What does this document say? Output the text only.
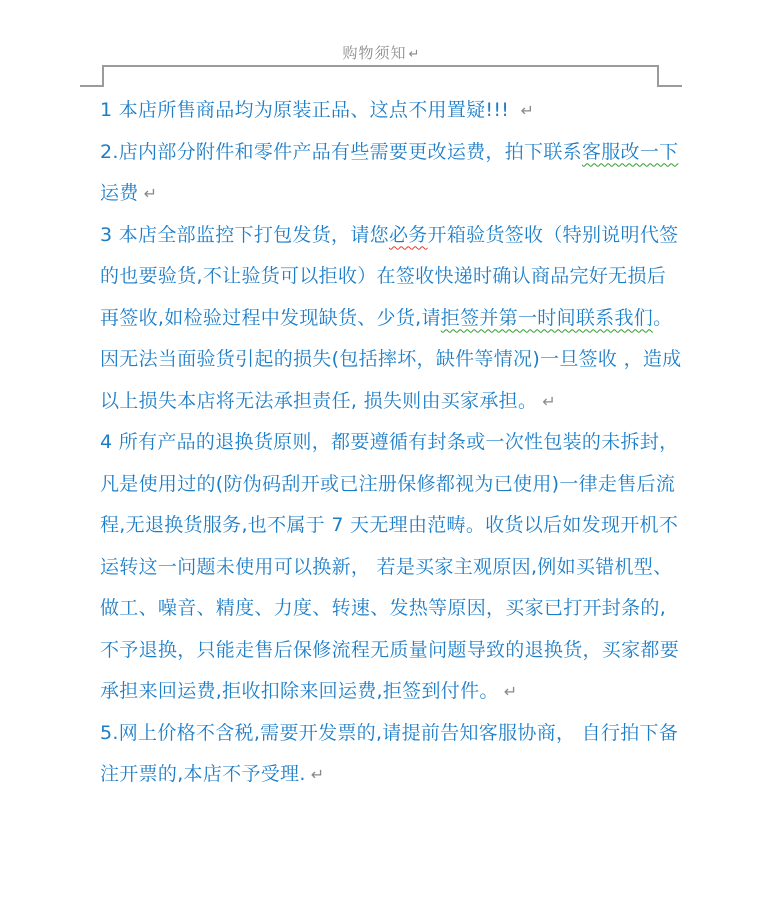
购物须知 ↵
1 本店所售商品均为原装正品、这点不用置疑!!! ↵
2.店内部分附件和零件产品有些需要更改运费，拍下联系客服改一下
运费 ↵
3 本店全部监控下打包发货，请您必务开箱验货签收（特别说明代签
的也要验货,不让验货可以拒收）在签收快递时确认商品完好无损后
再签收,如检验过程中发现缺货、少货,请拒签并第一时间联系我们。
因无法当面验货引起的损失(包括摔坏，缺件等情况)一旦签收 ，造成
以上损失本店将无法承担责任, 损失则由买家承担。 ↵
4 所有产品的退换货原则，都要遵循有封条或一次性包装的未拆封，
凡是使用过的(防伪码刮开或已注册保修都视为已使用)一律走售后流
程,无退换货服务,也不属于 7 天无理由范畴。收货以后如发现开机不
运转这一问题未使用可以换新， 若是买家主观原因,例如买错机型、
做工、噪音、精度、力度、转速、发热等原因，买家已打开封条的,
不予退换，只能走售后保修流程无质量问题导致的退换货，买家都要
承担来回运费,拒收扣除来回运费,拒签到付件。 ↵
5.网上价格不含税,需要开发票的,请提前告知客服协商， 自行拍下备
注开票的,本店不予受理. ↵
